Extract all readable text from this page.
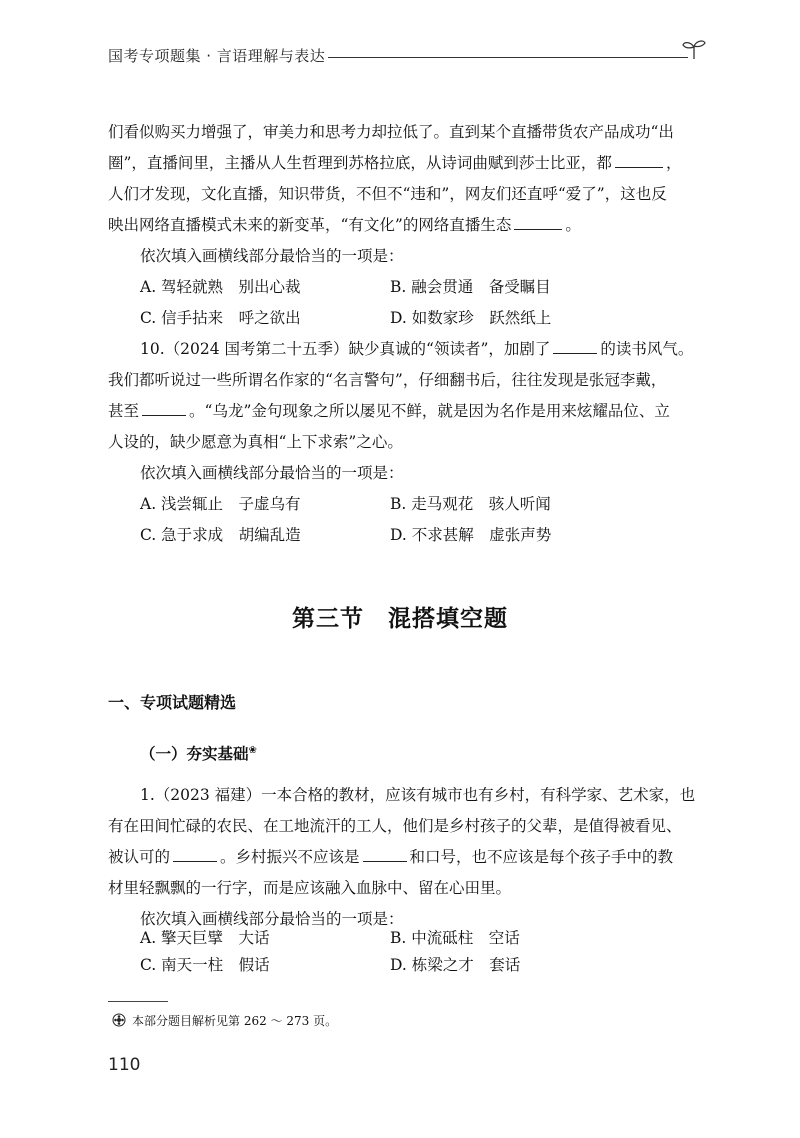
国考专项题集 · 言语理解与表达
们看似购买力增强了，审美力和思考力却拉低了。直到某个直播带货农产品成功“出
圈”，直播间里，主播从人生哲理到苏格拉底，从诗词曲赋到莎士比亚，都	，
人们才发现，文化直播，知识带货，不但不“违和”，网友们还直呼“爱了”，这也反
映出网络直播模式未来的新变革，“有文化”的网络直播生态	。
依次填入画横线部分最恰当的一项是：
A. 驾轻就熟　别出心裁	B. 融会贯通　备受瞩目
C. 信手拈来　呼之欲出	D. 如数家珍　跃然纸上
10.（2024 国考第二十五季）缺少真诚的“领读者”，加剧了	的读书风气。
我们都听说过一些所谓名作家的“名言警句”，仔细翻书后，往往发现是张冠李戴，
甚至	。“乌龙”金句现象之所以屡见不鲜，就是因为名作是用来炫耀品位、立
人设的，缺少愿意为真相“上下求索”之心。
依次填入画横线部分最恰当的一项是：
A. 浅尝辄止　子虚乌有	B. 走马观花　骇人听闻
C. 急于求成　胡编乱造	D. 不求甚解　虚张声势
第三节　混搭填空题
一、专项试题精选
（一）夯实基础❀
1.（2023 福建）一本合格的教材，应该有城市也有乡村，有科学家、艺术家，也
有在田间忙碌的农民、在工地流汗的工人，他们是乡村孩子的父辈，是值得被看见、
被认可的	。乡村振兴不应该是	和口号，也不应该是每个孩子手中的教
材里轻飘飘的一行字，而是应该融入血脉中、留在心田里。
依次填入画横线部分最恰当的一项是：
A. 擎天巨擘　大话	B. 中流砥柱　空话
C. 南天一柱　假话	D. 栋梁之才　套话
本部分题目解析见第 262 ～ 273 页。
110
